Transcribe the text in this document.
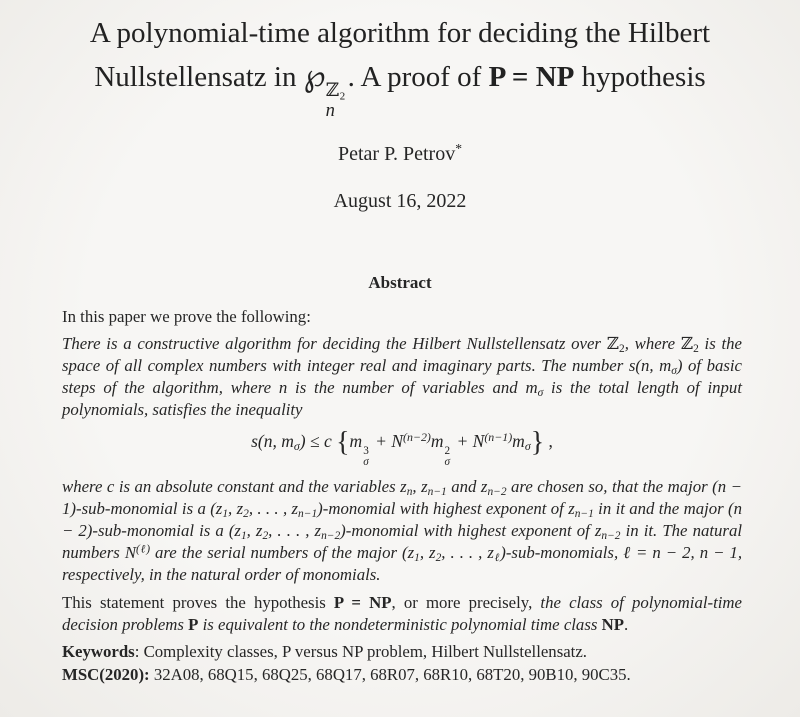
A polynomial-time algorithm for deciding the Hilbert
Nullstellensatz in ℘ ℤ₂
n
. A proof of P = NP hypothesis
Petar P. Petrov*
August 16, 2022
Abstract

In this paper we prove the following:

There is a constructive algorithm for deciding the Hilbert Nullstellensatz over ℤ$_2$, where ℤ$_2$ is the space of all complex numbers with integer real and imaginary parts. The number s(n, $m_\sigma$) of basic steps of the algorithm, where n is the number of variables and $m_\sigma$ is the total length of input polynomials, satisfies the inequality

s(n, $m_\sigma) \le c$ {m 3
σ
+ $N^{(n-2)}m$ 2
σ
+ $N^{(n-1)}m_\sigma$} ,

where c is an absolute constant and the variables $z_n$, $z_{n-1}$ and $z_{n-2}$ are chosen so, that the major (n − 1)-sub-monomial is a ($z_1$, $z_2$, . . . , $z_{n-1}$)-monomial with highest exponent of $z_{n-1}$ in it and the major (n − 2)-sub-monomial is a ($z_1$, $z_2$, . . . , $z_{n-2}$)-monomial with highest exponent of $z_{n-2}$ in it. The natural numbers $N^{(\ell)}$ are the serial numbers of the major ($z_1$, $z_2$, . . . , $z_\ell)-sub$-monomials, ℓ = n − 2, n − 1, respectively, in the natural order of monomials.

This statement proves the hypothesis P = NP, or more precisely, the class of polynomial-time decision problems P is equivalent to the nondeterministic polynomial time class NP.

Keywords: Complexity classes, P versus NP problem, Hilbert Nullstellensatz.

MSC(2020): 32A08, 68Q15, 68Q25, 68Q17, 68R07, 68R10, 68T20, 90B10, 90C35.
